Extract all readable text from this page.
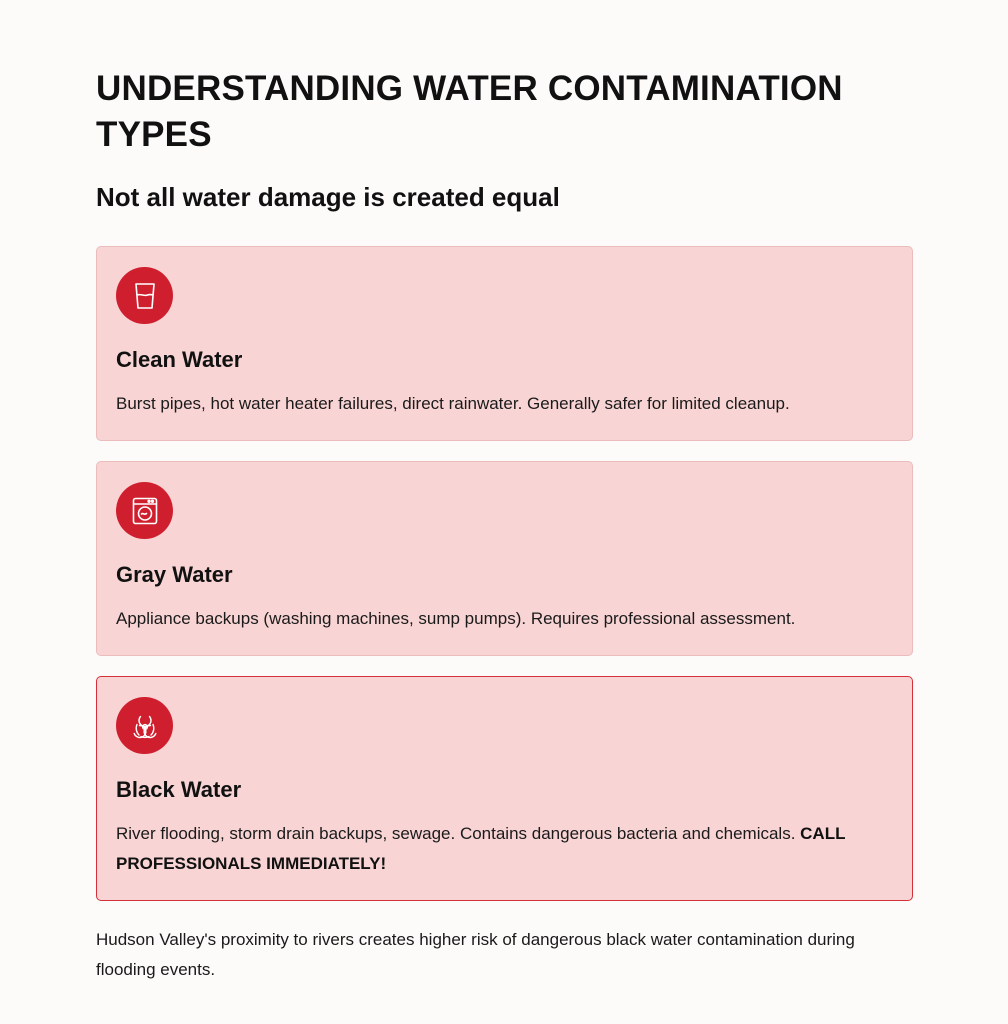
UNDERSTANDING WATER CONTAMINATION TYPES
Not all water damage is created equal
Clean Water

Burst pipes, hot water heater failures, direct rainwater. Generally safer for limited cleanup.

Gray Water

Appliance backups (washing machines, sump pumps). Requires professional assessment.

Black Water

River flooding, storm drain backups, sewage. Contains dangerous bacteria and chemicals. CALL PROFESSIONALS IMMEDIATELY!

Hudson Valley's proximity to rivers creates higher risk of dangerous black water contamination during flooding events.
